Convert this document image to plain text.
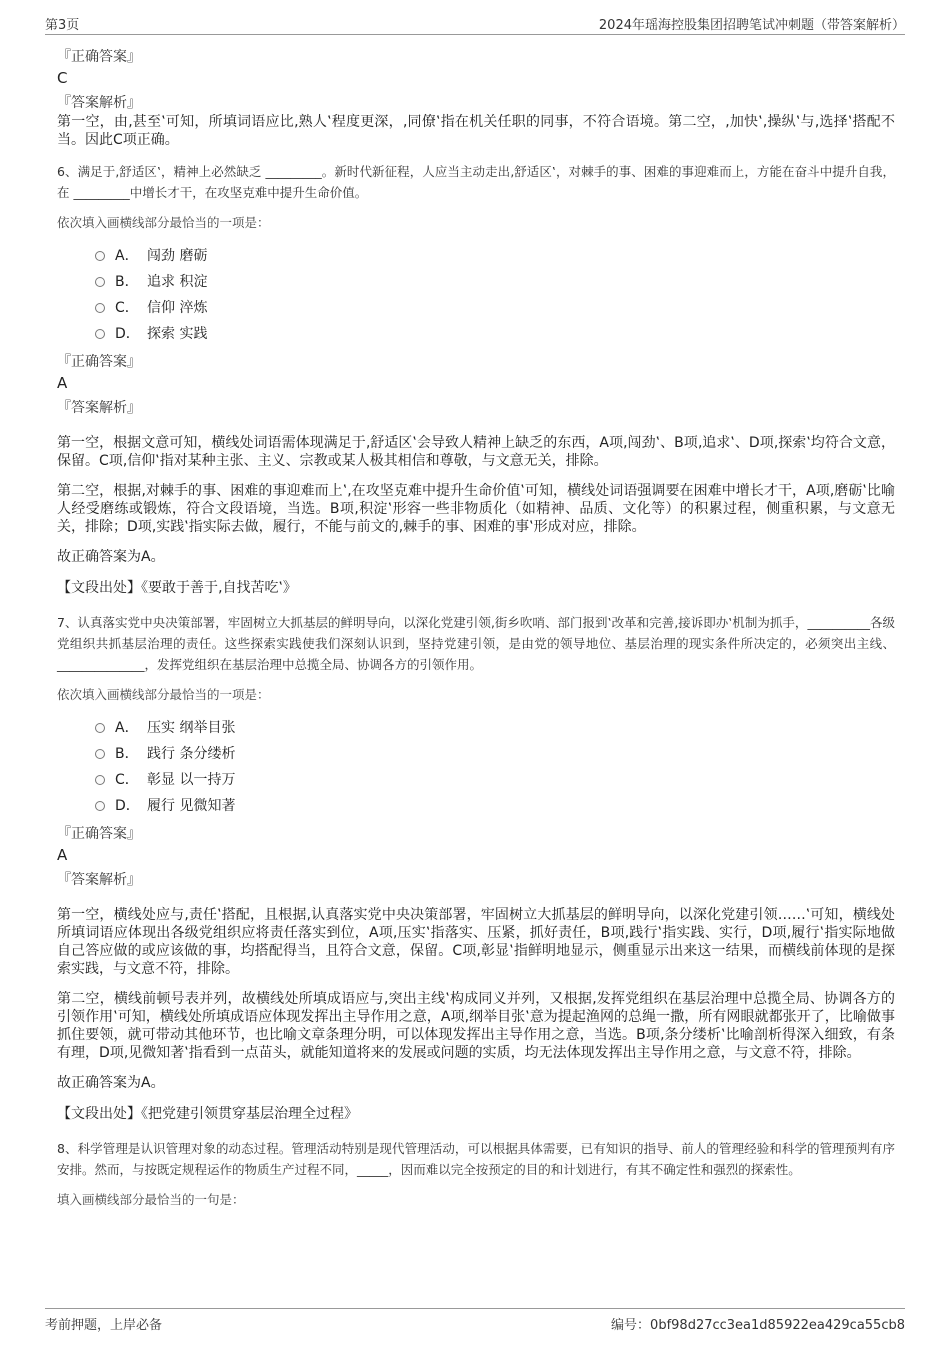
第3页	2024年瑶海控股集团招聘笔试冲刺题（带答案解析）

『正确答案』

C

『答案解析』

第一空，由‚甚至‛可知，所填词语应比‚熟人‛程度更深，‚同僚‛指在机关任职的同事，不符合语境。第二空，‚加快‛‚操纵‛与‚选择‛搭配不当。因此C项正确。

6、满足于‚舒适区‛，精神上必然缺乏 _________。新时代新征程，人应当主动走出‚舒适区‛，对棘手的事、困难的事迎难而上，方能在奋斗中提升自我，在 _________中增长才干，在攻坚克难中提升生命价值。

依次填入画横线部分最恰当的一项是：

A． 闯劲 磨砺
B． 追求 积淀
C． 信仰 淬炼
D． 探索 实践

『正确答案』

A

『答案解析』

第一空，根据文意可知，横线处词语需体现满足于‚舒适区‛会导致人精神上缺乏的东西，A项‚闯劲‛、B项‚追求‛、D项‚探索‛均符合文意，保留。C项‚信仰‛指对某种主张、主义、宗教或某人极其相信和尊敬，与文意无关，排除。

第二空，根据‚对棘手的事、困难的事迎难而上‛‚在攻坚克难中提升生命价值‛可知，横线处词语强调要在困难中增长才干，A项‚磨砺‛比喻人经受磨练或锻炼，符合文段语境，当选。B项‚积淀‛形容一些非物质化（如精神、品质、文化等）的积累过程，侧重积累，与文意无关，排除；D项‚实践‛指实际去做，履行，不能与前文的‚棘手的事、困难的事‛形成对应，排除。

故正确答案为A。

【文段出处】《要敢于善于‚自找苦吃‛》

7、认真落实党中央决策部署，牢固树立大抓基层的鲜明导向，以深化党建引领‚街乡吹哨、部门报到‛改革和完善‚接诉即办‛机制为抓手，__________各级党组织共抓基层治理的责任。这些探索实践使我们深刻认识到，坚持党建引领，是由党的领导地位、基层治理的现实条件所决定的，必须突出主线、______________，发挥党组织在基层治理中总揽全局、协调各方的引领作用。

依次填入画横线部分最恰当的一项是：

A． 压实 纲举目张
B． 践行 条分缕析
C． 彰显 以一持万
D． 履行 见微知著

『正确答案』

A

『答案解析』

第一空，横线处应与‚责任‛搭配，且根据‚认真落实党中央决策部署，牢固树立大抓基层的鲜明导向，以深化党建引领……‛可知，横线处所填词语应体现出各级党组织应将责任落实到位，A项‚压实‛指落实、压紧，抓好责任，B项‚践行‛指实践、实行，D项‚履行‛指实际地做自己答应做的或应该做的事，均搭配得当，且符合文意，保留。C项‚彰显‛指鲜明地显示，侧重显示出来这一结果，而横线前体现的是探索实践，与文意不符，排除。

第二空，横线前顿号表并列，故横线处所填成语应与‚突出主线‛构成同义并列，又根据‚发挥党组织在基层治理中总揽全局、协调各方的引领作用‛可知，横线处所填成语应体现发挥出主导作用之意，A项‚纲举目张‛意为提起渔网的总绳一撒，所有网眼就都张开了，比喻做事抓住要领，就可带动其他环节，也比喻文章条理分明，可以体现发挥出主导作用之意，当选。B项‚条分缕析‛比喻剖析得深入细致，有条有理，D项‚见微知著‛指看到一点苗头，就能知道将来的发展或问题的实质，均无法体现发挥出主导作用之意，与文意不符，排除。

故正确答案为A。

【文段出处】《把党建引领贯穿基层治理全过程》

8、科学管理是认识管理对象的动态过程。管理活动特别是现代管理活动，可以根据具体需要，已有知识的指导、前人的管理经验和科学的管理预判有序安排。然而，与按既定规程运作的物质生产过程不同，_____，因而难以完全按预定的目的和计划进行，有其不确定性和强烈的探索性。

填入画横线部分最恰当的一句是：

考前押题，上岸必备	编号：0bf98d27cc3ea1d85922ea429ca55cb8
